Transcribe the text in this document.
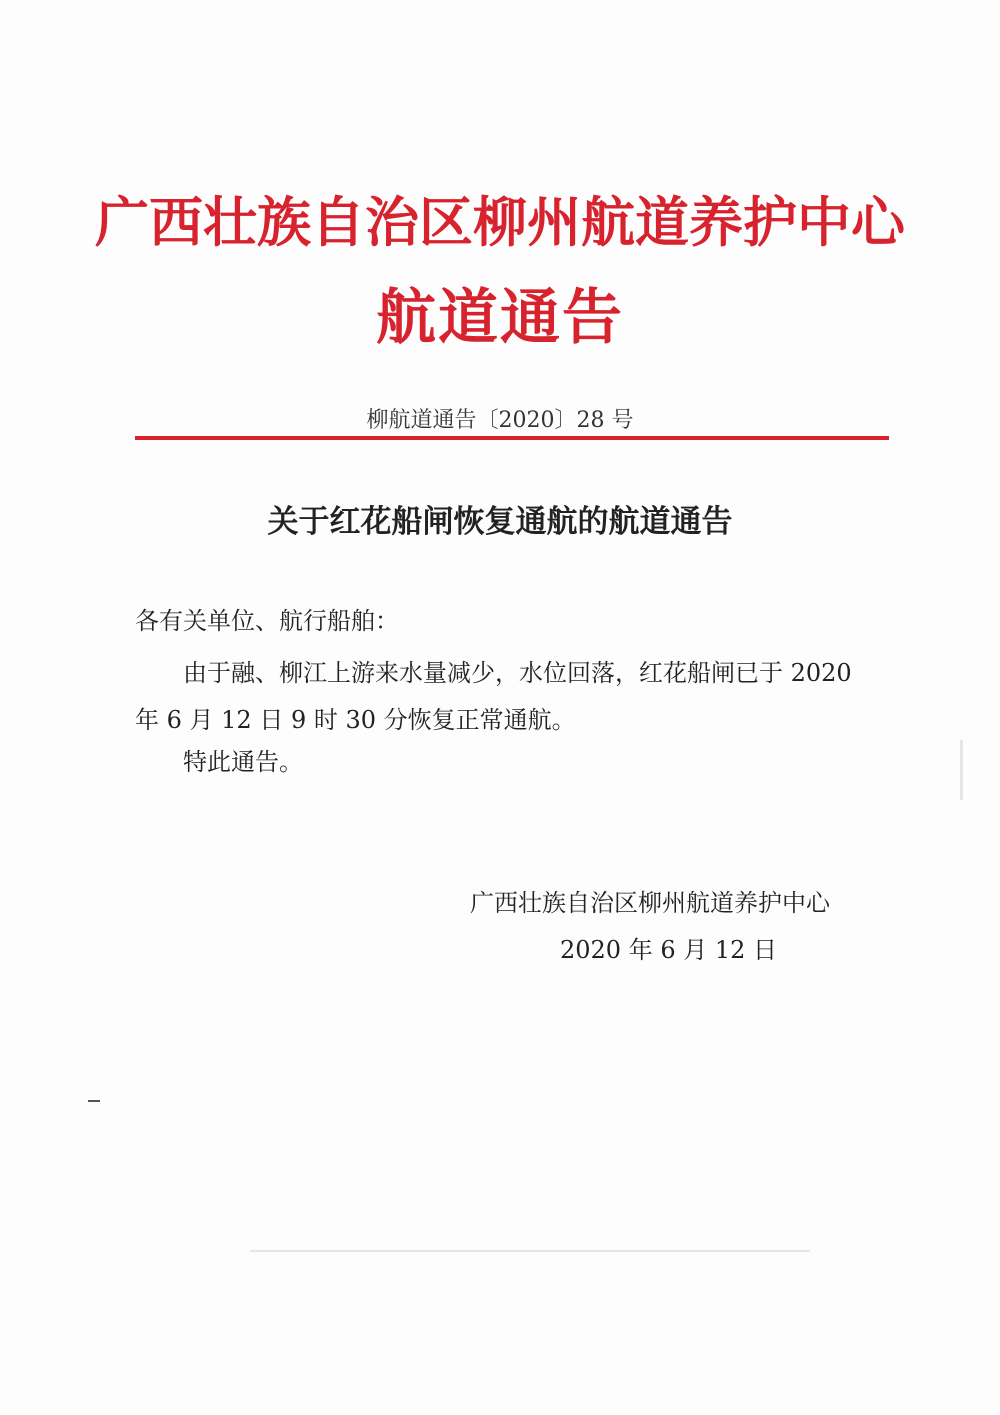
广西壮族自治区柳州航道养护中心
航道通告
柳航道通告〔2020〕28 号
关于红花船闸恢复通航的航道通告
各有关单位、航行船舶：

由于融、柳江上游来水量减少，水位回落，红花船闸已于 2020 年 6 月 12 日 9 时 30 分恢复正常通航。

特此通告。
广西壮族自治区柳州航道养护中心
2020 年 6 月 12 日
